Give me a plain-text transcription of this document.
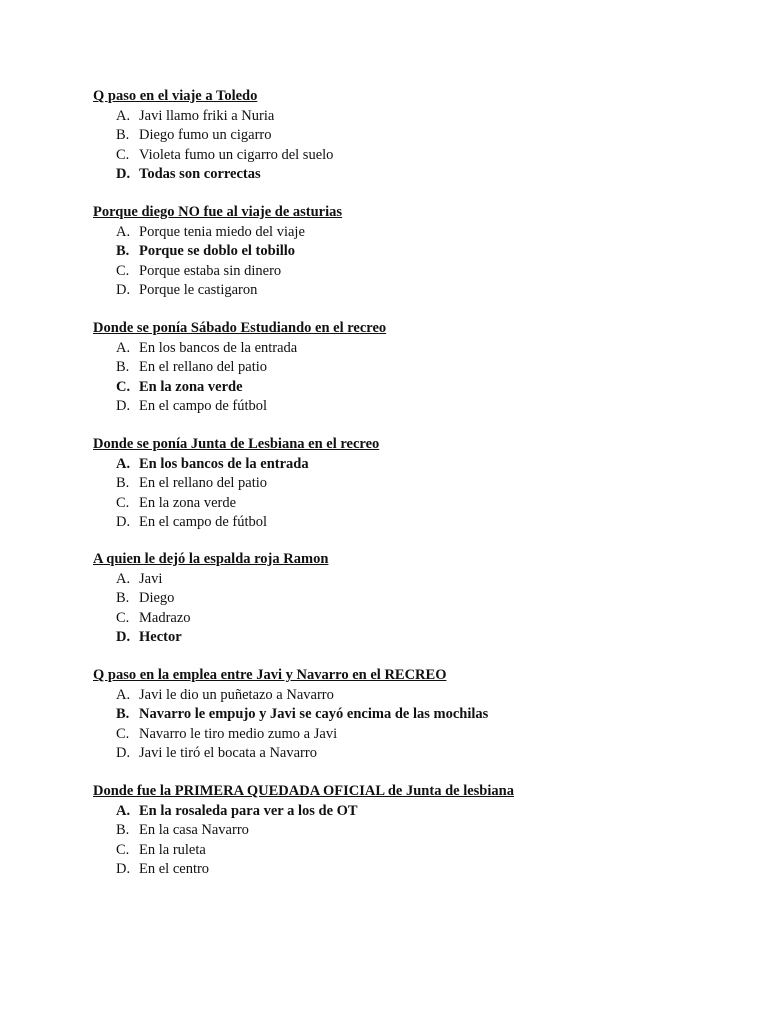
Q paso en el viaje a Toledo
A. Javi llamo friki a Nuria
B. Diego fumo un cigarro
C. Violeta fumo un cigarro del suelo
D. Todas son correctas
Porque diego NO fue al viaje de asturias
A. Porque tenia miedo del viaje
B. Porque se doblo el tobillo
C. Porque estaba sin dinero
D. Porque le castigaron
Donde se ponía Sábado Estudiando en el recreo
A. En los bancos de la entrada
B. En el rellano del patio
C. En la zona verde
D. En el campo de fútbol
Donde se ponía Junta de Lesbiana en el recreo
A. En los bancos de la entrada
B. En el rellano del patio
C. En la zona verde
D. En el campo de fútbol
A quien le dejó la espalda roja Ramon
A. Javi
B. Diego
C. Madrazo
D. Hector
Q paso en la emplea entre Javi y Navarro en el RECREO
A. Javi le dio un puñetazo a Navarro
B. Navarro le empujo y Javi se cayó encima de las mochilas
C. Navarro le tiro medio zumo a Javi
D. Javi le tiró el bocata a Navarro
Donde fue la PRIMERA QUEDADA OFICIAL de Junta de lesbiana
A. En la rosaleda para ver a los de OT
B. En la casa Navarro
C. En la ruleta
D. En el centro
